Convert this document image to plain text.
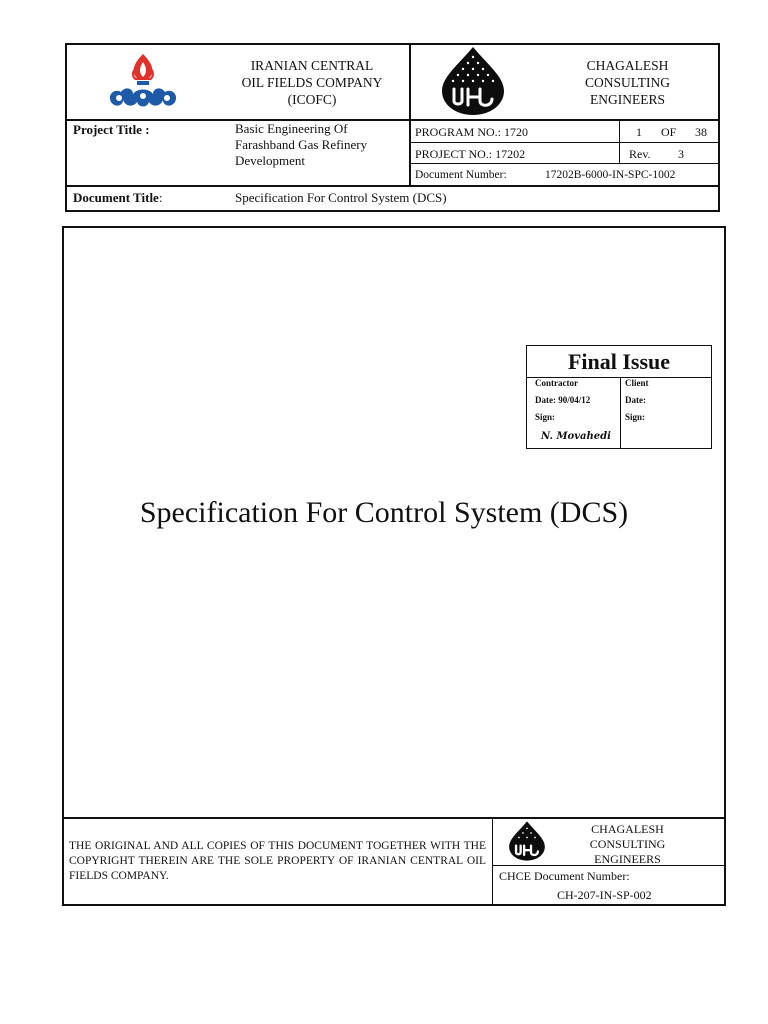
IRANIAN CENTRAL
OIL FIELDS COMPANY
(ICOFC)
CHAGALESH
CONSULTING
ENGINEERS
Project Title :	Basic Engineering Of
Farashband Gas Refinery
Development
PROGRAM NO.: 1720	1 OF 38
PROJECT NO.: 17202	Rev. 3
Document Number:	17202B-6000-IN-SPC-1002
Document Title:	Specification For Control System (DCS)
Final Issue
Contractor	Client
Date: 90/04/12	Date:
Sign:	Sign:
N. Movahedi
Specification For Control System (DCS)
THE ORIGINAL AND ALL COPIES OF THIS DOCUMENT TOGETHER WITH THE COPYRIGHT THEREIN ARE THE SOLE PROPERTY OF IRANIAN CENTRAL OIL FIELDS COMPANY.
CHAGALESH
CONSULTING
ENGINEERS
CHCE Document Number:
CH-207-IN-SP-002
